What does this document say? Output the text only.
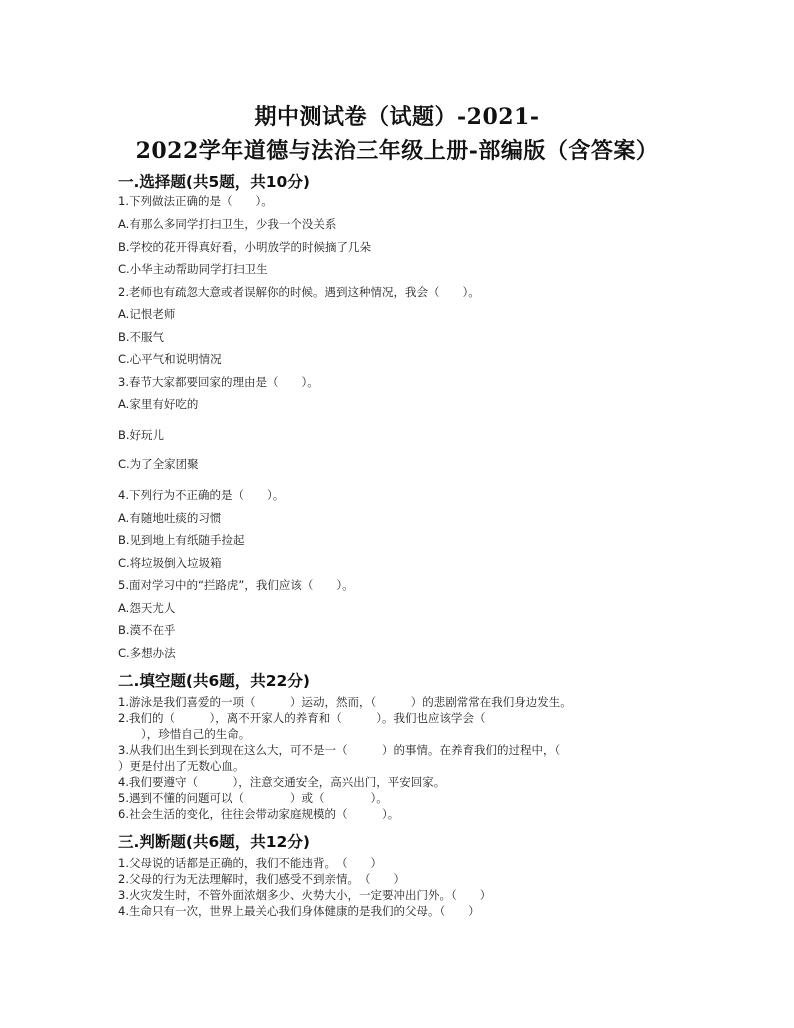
期中测试卷（试题）-2021-
2022学年道德与法治三年级上册-部编版（含答案）
一.选择题(共5题，共10分)
1.下列做法正确的是（　　）。
A.有那么多同学打扫卫生，少我一个没关系
B.学校的花开得真好看，小明放学的时候摘了几朵
C.小华主动帮助同学打扫卫生
2.老师也有疏忽大意或者误解你的时候。遇到这种情况，我会（　　）。
A.记恨老师
B.不服气
C.心平气和说明情况
3.春节大家都要回家的理由是（　　）。
A.家里有好吃的
B.好玩儿
C.为了全家团聚
4.下列行为不正确的是（　　）。
A.有随地吐痰的习惯
B.见到地上有纸随手捡起
C.将垃圾倒入垃圾箱
5.面对学习中的“拦路虎”，我们应该（　　）。
A.怨天尤人
B.漠不在乎
C.多想办法
二.填空题(共6题，共22分)
1.游泳是我们喜爱的一项（　　　）运动，然而，（　　　）的悲剧常常在我们身边发生。
2.我们的（　　　），离不开家人的养育和（　　　）。我们也应该学会（
　　），珍惜自己的生命。
3.从我们出生到长到现在这么大，可不是一（　　　）的事情。在养育我们的过程中，（
）更是付出了无数心血。
4.我们要遵守（　　　），注意交通安全，高兴出门，平安回家。
5.遇到不懂的问题可以（　　　　）或（　　　　）。
6.社会生活的变化，往往会带动家庭规模的（　　　）。
三.判断题(共6题，共12分)
1.父母说的话都是正确的，我们不能违背。　（　　）
2.父母的行为无法理解时，我们感受不到亲情。　（　　）
3.火灾发生时，不管外面浓烟多少、火势大小，一定要冲出门外。（　　）
4.生命只有一次，世界上最关心我们身体健康的是我们的父母。（　　）
